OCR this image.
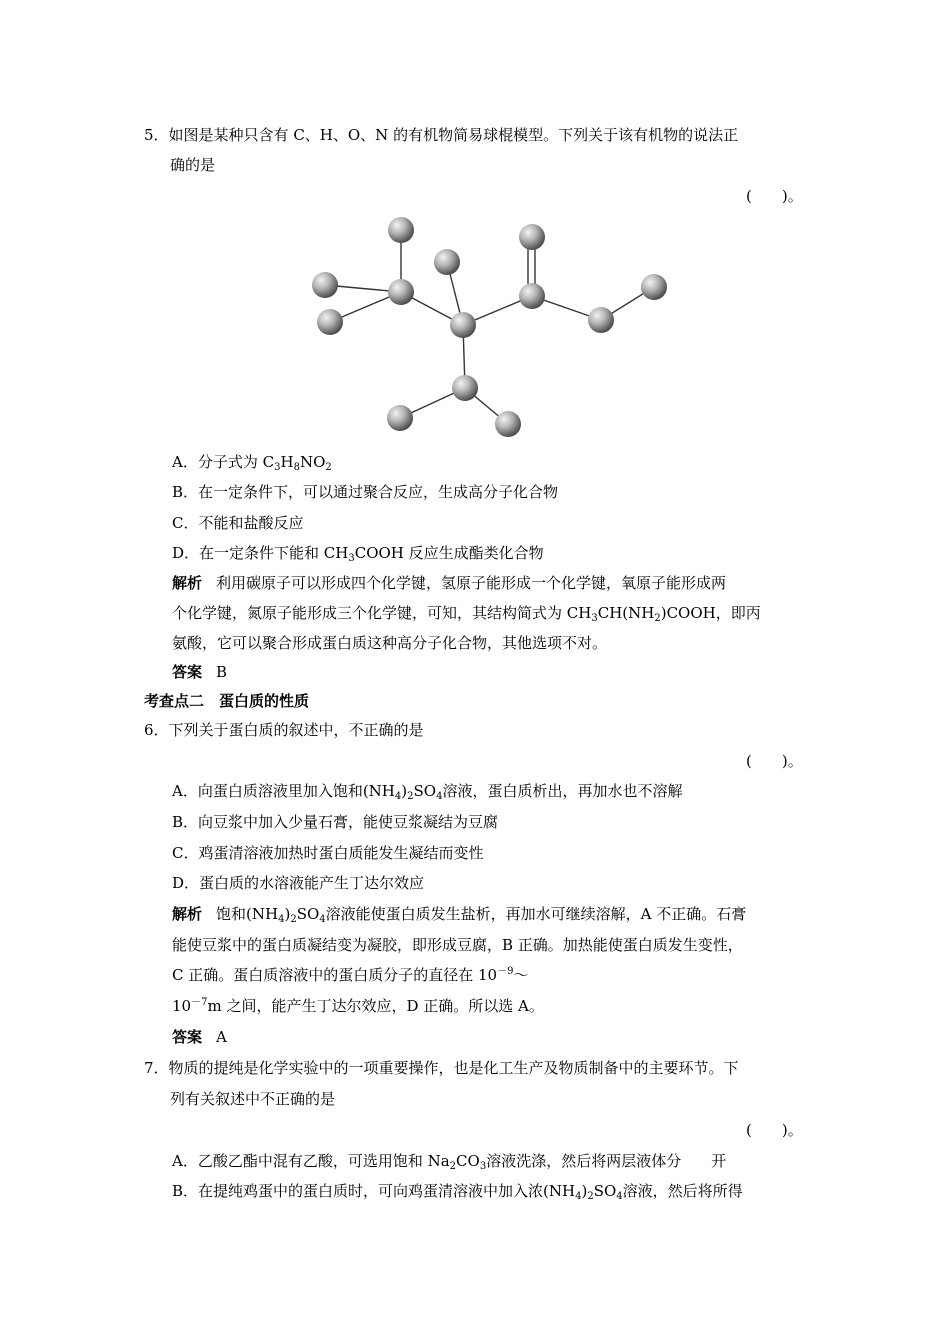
5．如图是某种只含有 C、H、O、N 的有机物简易球棍模型。下列关于该有机物的说法正
确的是
(　　)。
A．分子式为 $C_3H_8NO_2$
B．在一定条件下，可以通过聚合反应，生成高分子化合物
C．不能和盐酸反应
D．在一定条件下能和 $CH_3COOH$ 反应生成酯类化合物
解析 利用碳原子可以形成四个化学键，氢原子能形成一个化学键，氧原子能形成两
个化学键，氮原子能形成三个化学键，可知，其结构简式为 $CH_3CH(NH_2)COOH$，即丙
氨酸，它可以聚合形成蛋白质这种高分子化合物，其他选项不对。
答案 B
考查点二　蛋白质的性质
6．下列关于蛋白质的叙述中，不正确的是
(　　)。
A．向蛋白质溶液里加入饱和$(NH_4)_2SO_4$溶液，蛋白质析出，再加水也不溶解
B．向豆浆中加入少量石膏，能使豆浆凝结为豆腐
C．鸡蛋清溶液加热时蛋白质能发生凝结而变性
D．蛋白质的水溶液能产生丁达尔效应
解析 饱和$(NH_4)_2SO_4$溶液能使蛋白质发生盐析，再加水可继续溶解，A 不正确。石膏
能使豆浆中的蛋白质凝结变为凝胶，即形成豆腐，B 正确。加热能使蛋白质发生变性，
C 正确。蛋白质溶液中的蛋白质分子的直径在 $10^{-9}\sim$
$10^{-7}m$ 之间，能产生丁达尔效应，D 正确。所以选 A。
答案 A
7．物质的提纯是化学实验中的一项重要操作，也是化工生产及物质制备中的主要环节。下
列有关叙述中不正确的是
(　　)。
A．乙酸乙酯中混有乙酸，可选用饱和 $Na_2CO_3$溶液洗涤，然后将两层液体分　　开
B．在提纯鸡蛋中的蛋白质时，可向鸡蛋清溶液中加入浓$(NH_4)_2SO_4$溶液，然后将所得
